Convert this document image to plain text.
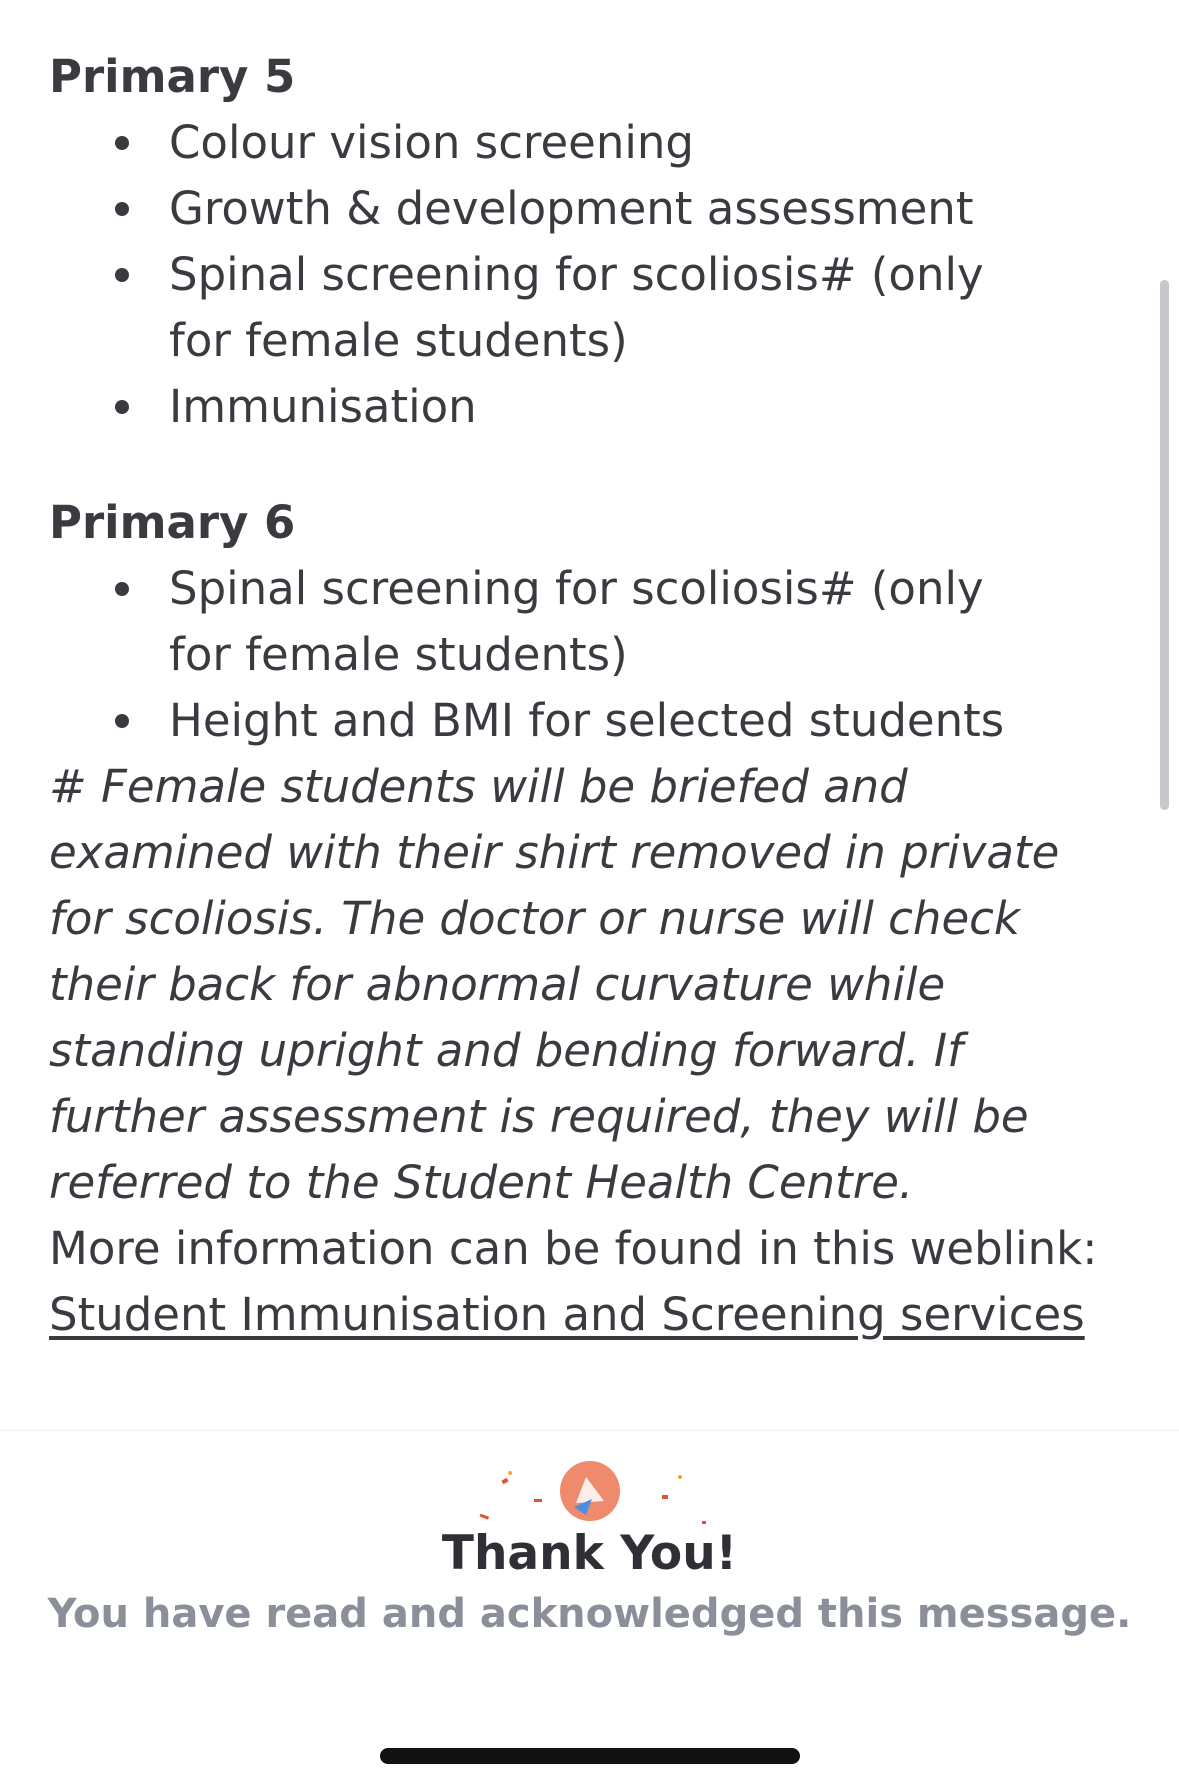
Primary 5

Colour vision screening
Growth & development assessment
Spinal screening for scoliosis# (only for female students)
Immunisation

Primary 6

Spinal screening for scoliosis# (only for female students)
Height and BMI for selected students

# Female students will be briefed and examined with their shirt removed in private for scoliosis. The doctor or nurse will check their back for abnormal curvature while standing upright and bending forward. If further assessment is required, they will be referred to the Student Health Centre.

More information can be found in this weblink:

Student Immunisation and Screening services
Thank You!
You have read and acknowledged this message.
